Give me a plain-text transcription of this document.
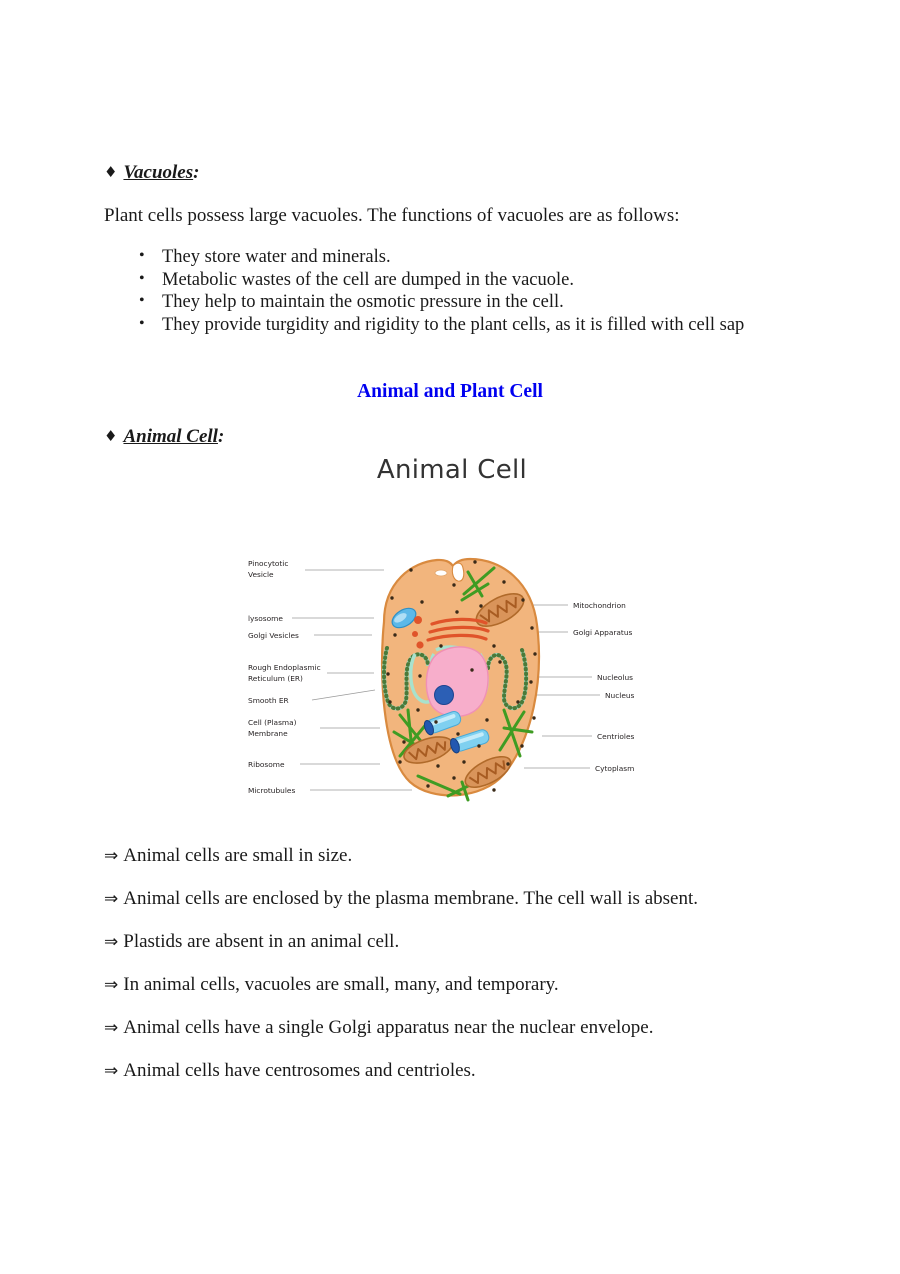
♦ Vacuoles:
Plant cells possess large vacuoles. The functions of vacuoles are as follows:
• They store water and minerals.
• Metabolic wastes of the cell are dumped in the vacuole.
• They help to maintain the osmotic pressure in the cell.
• They provide turgidity and rigidity to the plant cells, as it is filled with cell sap
Animal and Plant Cell
♦ Animal Cell:
Animal Cell
Pinocytotic
Vesicle
lysosome
Golgi Vesicles
Rough Endoplasmic
Reticulum (ER)
Smooth ER
Cell (Plasma)
Membrane
Ribosome
Microtubules
Mitochondrion
Golgi Apparatus
Nucleolus
Nucleus
Centrioles
Cytoplasm
⇒ Animal cells are small in size.
⇒ Animal cells are enclosed by the plasma membrane. The cell wall is absent.
⇒ Plastids are absent in an animal cell.
⇒ In animal cells, vacuoles are small, many, and temporary.
⇒ Animal cells have a single Golgi apparatus near the nuclear envelope.
⇒ Animal cells have centrosomes and centrioles.
